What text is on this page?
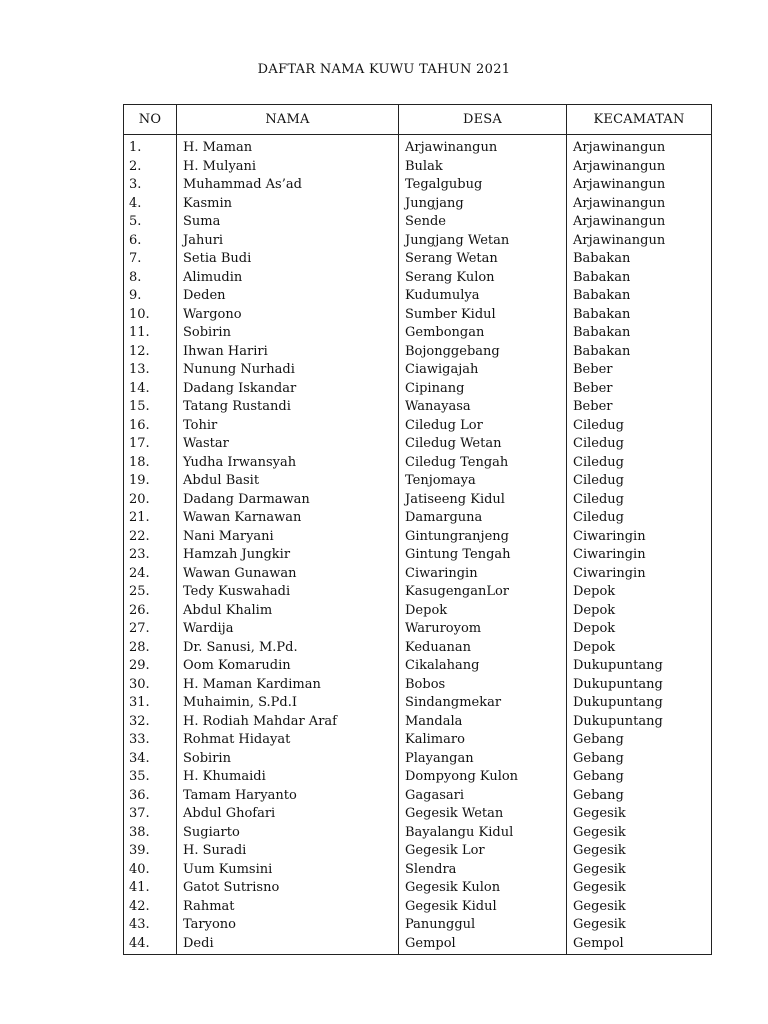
DAFTAR NAMA KUWU TAHUN 2021
NO	NAMA	DESA	KECAMATAN
1.	H. Maman	Arjawinangun	Arjawinangun
2.	H. Mulyani	Bulak	Arjawinangun
3.	Muhammad As’ad	Tegalgubug	Arjawinangun
4.	Kasmin	Jungjang	Arjawinangun
5.	Suma	Sende	Arjawinangun
6.	Jahuri	Jungjang Wetan	Arjawinangun
7.	Setia Budi	Serang Wetan	Babakan
8.	Alimudin	Serang Kulon	Babakan
9.	Deden	Kudumulya	Babakan
10.	Wargono	Sumber Kidul	Babakan
11.	Sobirin	Gembongan	Babakan
12.	Ihwan Hariri	Bojonggebang	Babakan
13.	Nunung Nurhadi	Ciawigajah	Beber
14.	Dadang Iskandar	Cipinang	Beber
15.	Tatang Rustandi	Wanayasa	Beber
16.	Tohir	Ciledug Lor	Ciledug
17.	Wastar	Ciledug Wetan	Ciledug
18.	Yudha Irwansyah	Ciledug Tengah	Ciledug
19.	Abdul Basit	Tenjomaya	Ciledug
20.	Dadang Darmawan	Jatiseeng Kidul	Ciledug
21.	Wawan Karnawan	Damarguna	Ciledug
22.	Nani Maryani	Gintungranjeng	Ciwaringin
23.	Hamzah Jungkir	Gintung Tengah	Ciwaringin
24.	Wawan Gunawan	Ciwaringin	Ciwaringin
25.	Tedy Kuswahadi	KasugenganLor	Depok
26.	Abdul Khalim	Depok	Depok
27.	Wardija	Waruroyom	Depok
28.	Dr. Sanusi, M.Pd.	Keduanan	Depok
29.	Oom Komarudin	Cikalahang	Dukupuntang
30.	H. Maman Kardiman	Bobos	Dukupuntang
31.	Muhaimin, S.Pd.I	Sindangmekar	Dukupuntang
32.	H. Rodiah Mahdar Araf	Mandala	Dukupuntang
33.	Rohmat Hidayat	Kalimaro	Gebang
34.	Sobirin	Playangan	Gebang
35.	H. Khumaidi	Dompyong Kulon	Gebang
36.	Tamam Haryanto	Gagasari	Gebang
37.	Abdul Ghofari	Gegesik Wetan	Gegesik
38.	Sugiarto	Bayalangu Kidul	Gegesik
39.	H. Suradi	Gegesik Lor	Gegesik
40.	Uum Kumsini	Slendra	Gegesik
41.	Gatot Sutrisno	Gegesik Kulon	Gegesik
42.	Rahmat	Gegesik Kidul	Gegesik
43.	Taryono	Panunggul	Gegesik
44.	Dedi	Gempol	Gempol
